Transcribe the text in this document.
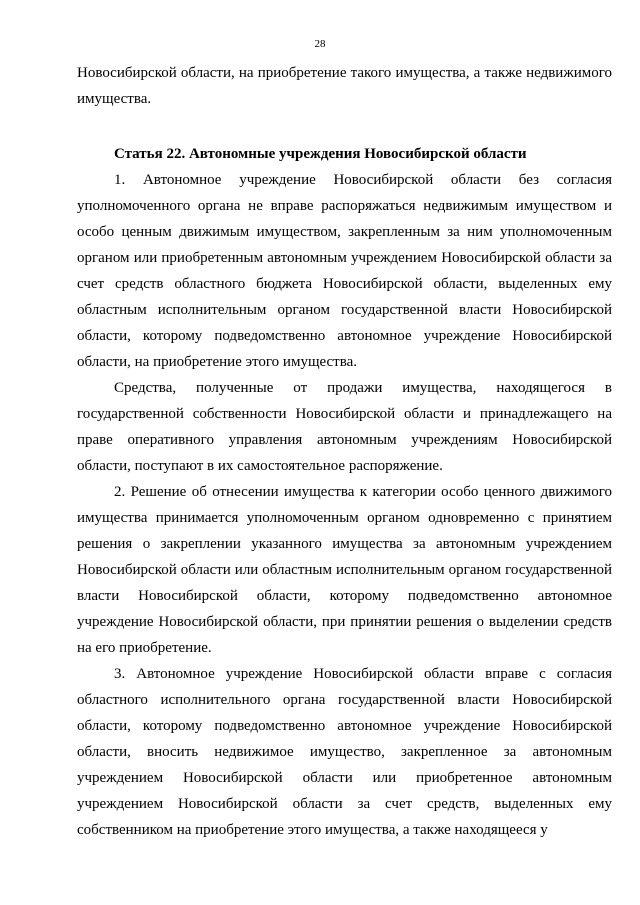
28

Новосибирской области, на приобретение такого имущества, а также недвижимого имущества.

Статья 22. Автономные учреждения Новосибирской области

1. Автономное учреждение Новосибирской области без согласия уполномоченного органа не вправе распоряжаться недвижимым имуществом и особо ценным движимым имуществом, закрепленным за ним уполномоченным органом или приобретенным автономным учреждением Новосибирской области за счет средств областного бюджета Новосибирской области, выделенных ему областным исполнительным органом государственной власти Новосибирской области, которому подведомственно автономное учреждение Новосибирской области, на приобретение этого имущества.

Средства, полученные от продажи имущества, находящегося в государственной собственности Новосибирской области и принадлежащего на праве оперативного управления автономным учреждениям Новосибирской области, поступают в их самостоятельное распоряжение.

2. Решение об отнесении имущества к категории особо ценного движимого имущества принимается уполномоченным органом одновременно с принятием решения о закреплении указанного имущества за автономным учреждением Новосибирской области или областным исполнительным органом государственной власти Новосибирской области, которому подведомственно автономное учреждение Новосибирской области, при принятии решения о выделении средств на его приобретение.

3. Автономное учреждение Новосибирской области вправе с согласия областного исполнительного органа государственной власти Новосибирской области, которому подведомственно автономное учреждение Новосибирской области, вносить недвижимое имущество, закрепленное за автономным учреждением Новосибирской области или приобретенное автономным учреждением Новосибирской области за счет средств, выделенных ему собственником на приобретение этого имущества, а также находящееся у
